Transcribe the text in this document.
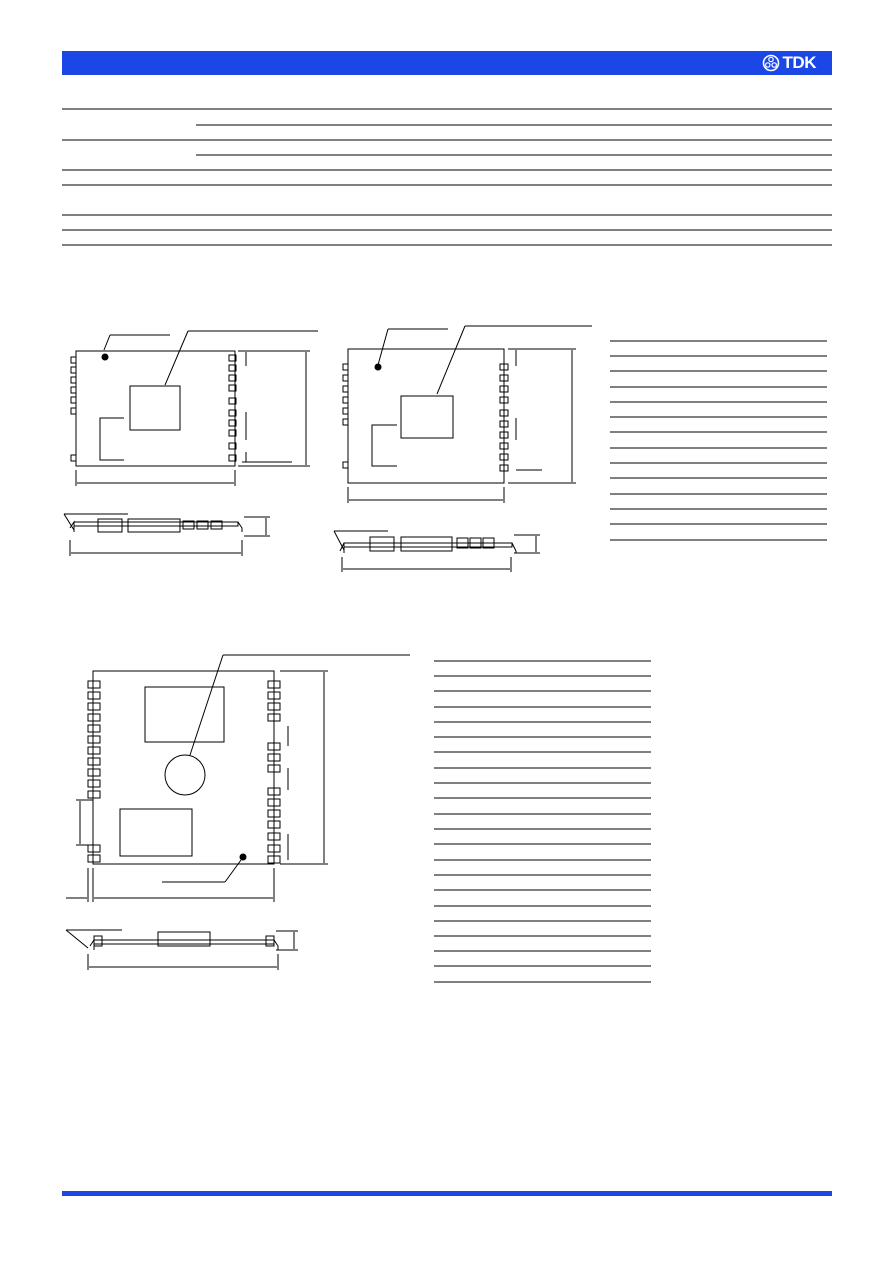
TDK
